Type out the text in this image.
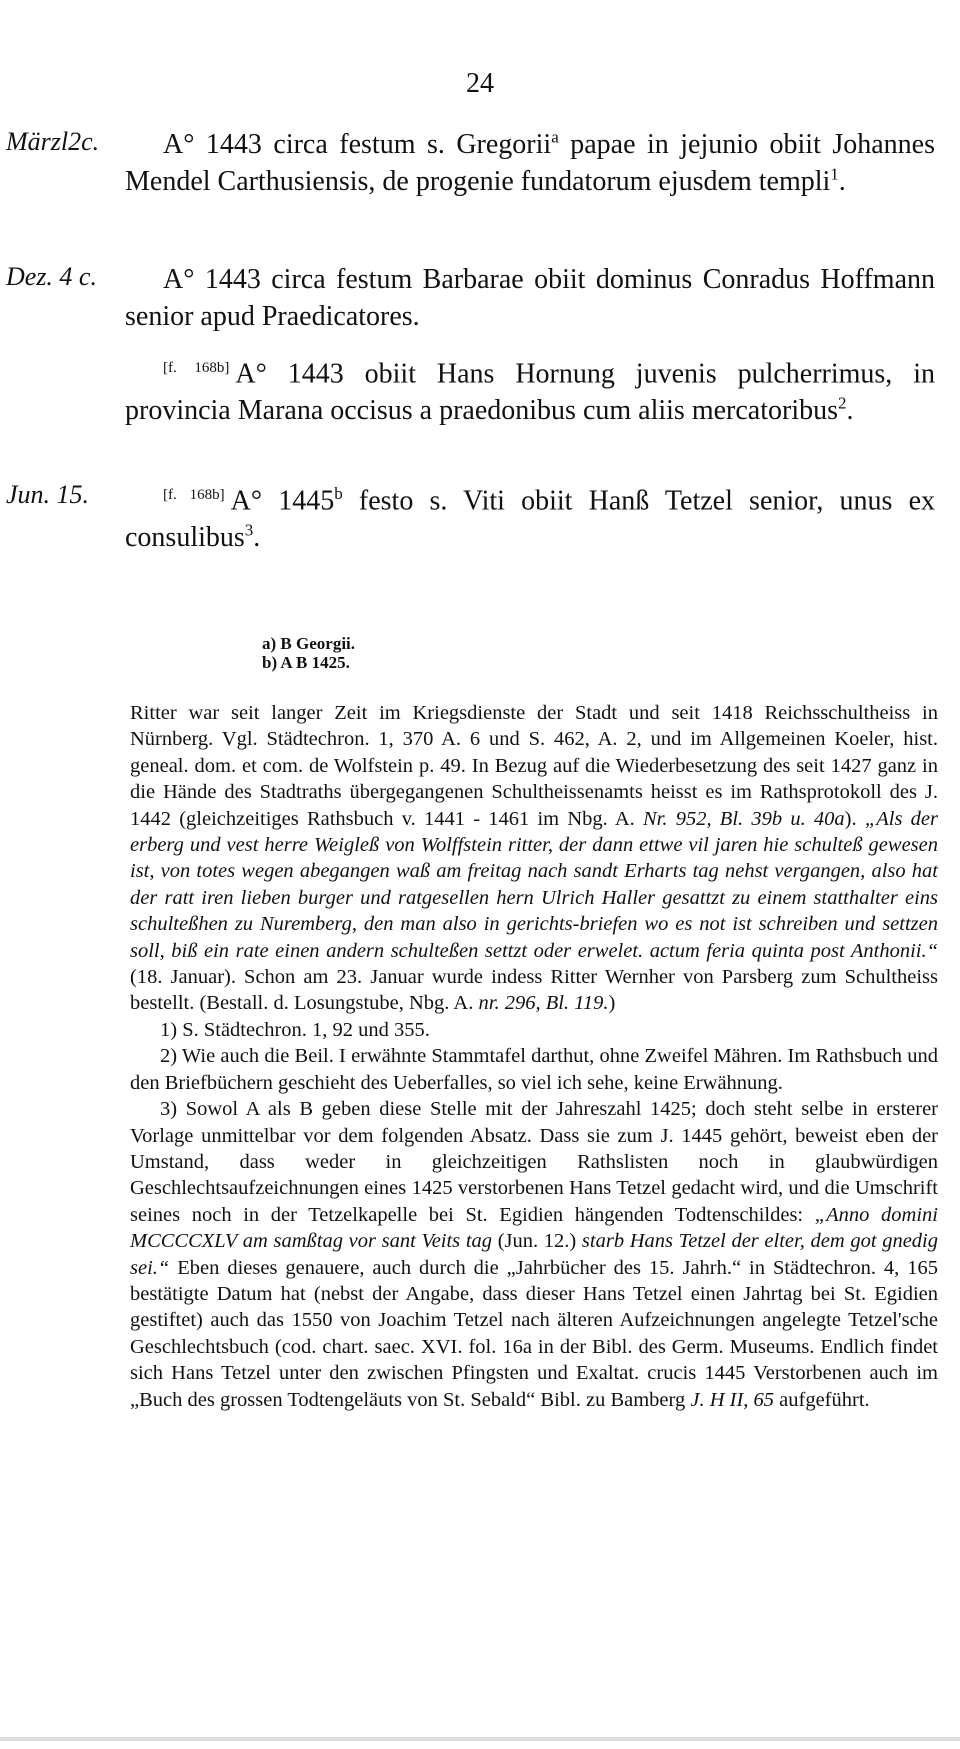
24
Märzl2c.	A° 1443 circa festum s. Gregorii$^a$ papae in jejunio obiit Johannes Mendel Carthusiensis, de progenie fundatorum ejusdem templi$^1$.
Dez. 4 c.	A° 1443 circa festum Barbarae obiit dominus Conradus Hoffmann senior apud Praedicatores.
[f. 168b] A° 1443 obiit Hans Hornung juvenis pulcherrimus, in provincia Marana occisus a praedonibus cum aliis mercatoribus$^2$.
Jun. 15.	[f. 168b] A° 1445$^b$ festo s. Viti obiit Hanß Tetzel senior, unus ex consulibus$^3$.
a) B Georgii.
b) A B 1425.

Ritter war seit langer Zeit im Kriegsdienste der Stadt und seit 1418 Reichsschultheiss in Nürnberg. Vgl. Städtechron. 1, 370 A. 6 und S. 462, A. 2, und im Allgemeinen Koeler, hist. geneal. dom. et com. de Wolfstein p. 49. In Bezug auf die Wiederbesetzung des seit 1427 ganz in die Hände des Stadtraths übergegangenen Schultheissenamts heisst es im Rathsprotokoll des J. 1442 (gleichzeitiges Rathsbuch v. 1441 - 1461 im Nbg. A. Nr. 952, Bl. 39b u. 40a). „Als der erberg und vest herre Weigleß von Wolffstein ritter, der dann ettwe vil jaren hie schulteß gewesen ist, von totes wegen abegangen waß am freitag nach sandt Erharts tag nehst vergangen, also hat der ratt iren lieben burger und ratgesellen hern Ulrich Haller gesattzt zu einem statthalter eins schulteßhen zu Nuremberg, den man also in gerichts-briefen wo es not ist schreiben und settzen soll, biß ein rate einen andern schulteßen settzt oder erwelet. actum feria quinta post Anthonii.“ (18. Januar). Schon am 23. Januar wurde indess Ritter Wernher von Parsberg zum Schultheiss bestellt. (Bestall. d. Losungstube, Nbg. A. nr. 296, Bl. 119.)

1) S. Städtechron. 1, 92 und 355.

2) Wie auch die Beil. I erwähnte Stammtafel darthut, ohne Zweifel Mähren. Im Rathsbuch und den Briefbüchern geschieht des Ueberfalles, so viel ich sehe, keine Erwähnung.

3) Sowol A als B geben diese Stelle mit der Jahreszahl 1425; doch steht selbe in ersterer Vorlage unmittelbar vor dem folgenden Absatz. Dass sie zum J. 1445 gehört, beweist eben der Umstand, dass weder in gleichzeitigen Rathslisten noch in glaubwürdigen Geschlechtsaufzeichnungen eines 1425 verstorbenen Hans Tetzel gedacht wird, und die Umschrift seines noch in der Tetzelkapelle bei St. Egidien hängenden Todtenschildes: „Anno domini MCCCCXLV am samßtag vor sant Veits tag (Jun. 12.) starb Hans Tetzel der elter, dem got gnedig sei.“ Eben dieses genauere, auch durch die „Jahrbücher des 15. Jahrh.“ in Städtechron. 4, 165 bestätigte Datum hat (nebst der Angabe, dass dieser Hans Tetzel einen Jahrtag bei St. Egidien gestiftet) auch das 1550 von Joachim Tetzel nach älteren Aufzeichnungen angelegte Tetzel'sche Geschlechtsbuch (cod. chart. saec. XVI. fol. 16a in der Bibl. des Germ. Museums. Endlich findet sich Hans Tetzel unter den zwischen Pfingsten und Exaltat. crucis 1445 Verstorbenen auch im „Buch des grossen Todtengeläuts von St. Sebald“ Bibl. zu Bamberg J. H II, 65 aufgeführt.
